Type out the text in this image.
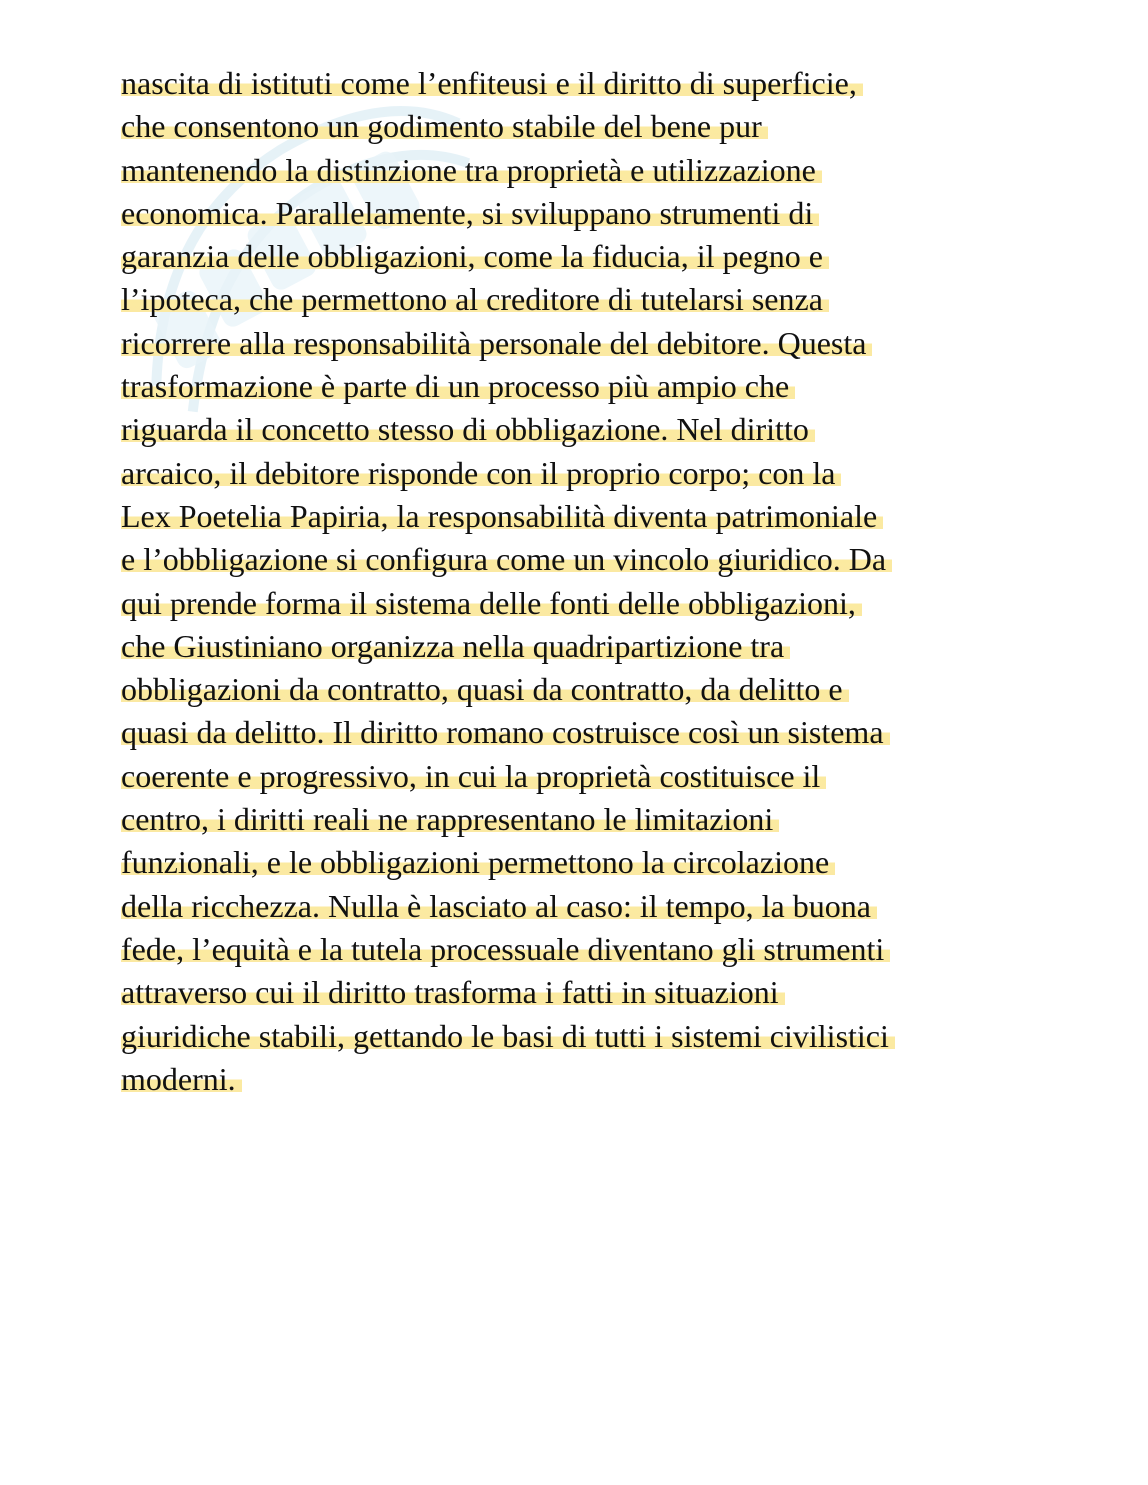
nascita di istituti come l’enfiteusi e il diritto di superficie,
che consentono un godimento stabile del bene pur
mantenendo la distinzione tra proprietà e utilizzazione
economica. Parallelamente, si sviluppano strumenti di
garanzia delle obbligazioni, come la fiducia, il pegno e
l’ipoteca, che permettono al creditore di tutelarsi senza
ricorrere alla responsabilità personale del debitore. Questa
trasformazione è parte di un processo più ampio che
riguarda il concetto stesso di obbligazione. Nel diritto
arcaico, il debitore risponde con il proprio corpo; con la
Lex Poetelia Papiria, la responsabilità diventa patrimoniale
e l’obbligazione si configura come un vincolo giuridico. Da
qui prende forma il sistema delle fonti delle obbligazioni,
che Giustiniano organizza nella quadripartizione tra
obbligazioni da contratto, quasi da contratto, da delitto e
quasi da delitto. Il diritto romano costruisce così un sistema
coerente e progressivo, in cui la proprietà costituisce il
centro, i diritti reali ne rappresentano le limitazioni
funzionali, e le obbligazioni permettono la circolazione
della ricchezza. Nulla è lasciato al caso: il tempo, la buona
fede, l’equità e la tutela processuale diventano gli strumenti
attraverso cui il diritto trasforma i fatti in situazioni
giuridiche stabili, gettando le basi di tutti i sistemi civilistici
moderni.
